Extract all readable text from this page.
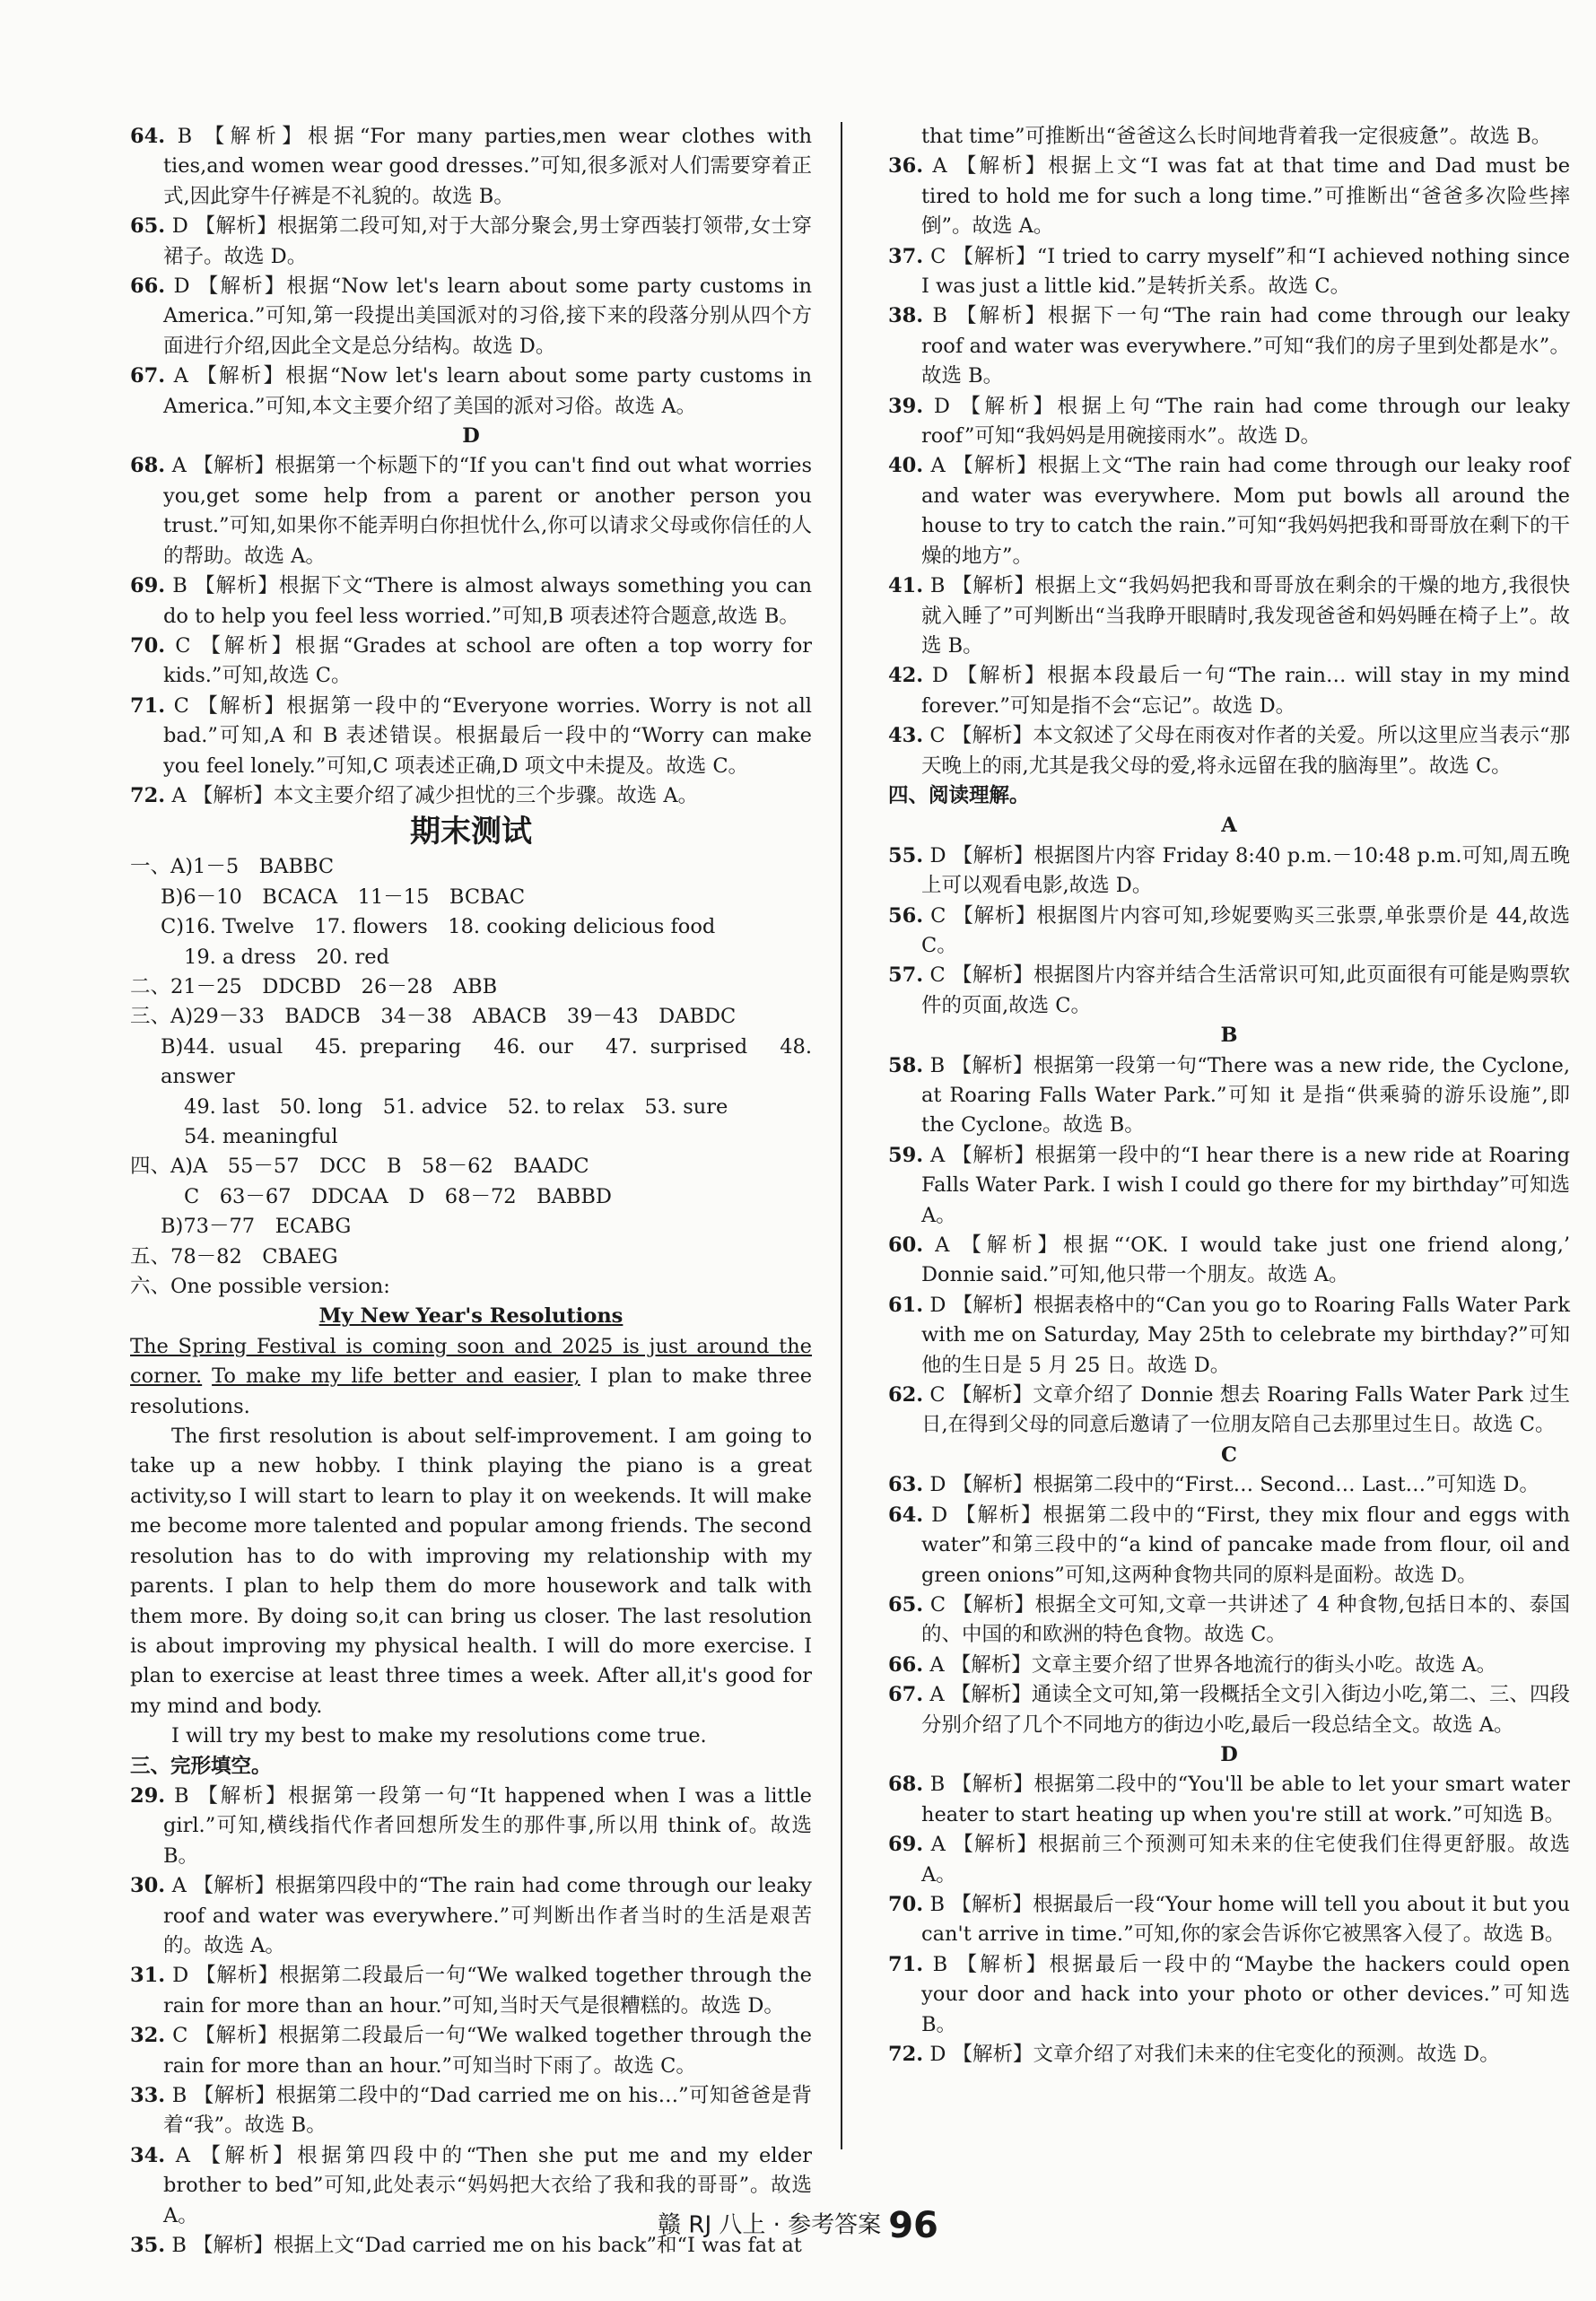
64. B 【解析】根据“For many parties,men wear clothes with ties,and women wear good dresses.”可知,很多派对人们需要穿着正式,因此穿牛仔裤是不礼貌的。故选 B。

65. D 【解析】根据第二段可知,对于大部分聚会,男士穿西装打领带,女士穿裙子。故选 D。

66. D 【解析】根据“Now let's learn about some party customs in America.”可知,第一段提出美国派对的习俗,接下来的段落分别从四个方面进行介绍,因此全文是总分结构。故选 D。

67. A 【解析】根据“Now let's learn about some party customs in America.”可知,本文主要介绍了美国的派对习俗。故选 A。

D

68. A 【解析】根据第一个标题下的“If you can't find out what worries you,get some help from a parent or another person you trust.”可知,如果你不能弄明白你担忧什么,你可以请求父母或你信任的人的帮助。故选 A。

69. B 【解析】根据下文“There is almost always something you can do to help you feel less worried.”可知,B 项表述符合题意,故选 B。

70. C 【解析】根据“Grades at school are often a top worry for kids.”可知,故选 C。

71. C 【解析】根据第一段中的“Everyone worries. Worry is not all bad.”可知,A 和 B 表述错误。根据最后一段中的“Worry can make you feel lonely.”可知,C 项表述正确,D 项文中未提及。故选 C。

72. A 【解析】本文主要介绍了减少担忧的三个步骤。故选 A。

期末测试

一、A)1－5　BABBC

B)6－10　BCACA　11－15　BCBAC

C)16. Twelve　17. flowers　18. cooking delicious food

19. a dress　20. red

二、21－25　DDCBD　26－28　ABB

三、A)29－33　BADCB　34－38　ABACB　39－43　DABDC

B)44. usual　45. preparing　46. our　47. surprised　48. answer

49. last　50. long　51. advice　52. to relax　53. sure

54. meaningful

四、A)A　55－57　DCC　B　58－62　BAADC

C　63－67　DDCAA　D　68－72　BABBD

B)73－77　ECABG

五、78－82　CBAEG

六、One possible version:

My New Year's Resolutions

The Spring Festival is coming soon and 2025 is just around the corner. To make my life better and easier, I plan to make three resolutions.

The first resolution is about self-improvement. I am going to take up a new hobby. I think playing the piano is a great activity,so I will start to learn to play it on weekends. It will make me become more talented and popular among friends. The second resolution has to do with improving my relationship with my parents. I plan to help them do more housework and talk with them more. By doing so,it can bring us closer. The last resolution is about improving my physical health. I will do more exercise. I plan to exercise at least three times a week. After all,it's good for my mind and body.

I will try my best to make my resolutions come true.

三、完形填空。

29. B 【解析】根据第一段第一句“It happened when I was a little girl.”可知,横线指代作者回想所发生的那件事,所以用 think of。故选 B。

30. A 【解析】根据第四段中的“The rain had come through our leaky roof and water was everywhere.”可判断出作者当时的生活是艰苦的。故选 A。

31. D 【解析】根据第二段最后一句“We walked together through the rain for more than an hour.”可知,当时天气是很糟糕的。故选 D。

32. C 【解析】根据第二段最后一句“We walked together through the rain for more than an hour.”可知当时下雨了。故选 C。

33. B 【解析】根据第二段中的“Dad carried me on his…”可知爸爸是背着“我”。故选 B。

34. A 【解析】根据第四段中的“Then she put me and my elder brother to bed”可知,此处表示“妈妈把大衣给了我和我的哥哥”。故选 A。

35. B 【解析】根据上文“Dad carried me on his back”和“I was fat at

that time”可推断出“爸爸这么长时间地背着我一定很疲惫”。故选 B。

36. A 【解析】根据上文“I was fat at that time and Dad must be tired to hold me for such a long time.”可推断出“爸爸多次险些摔倒”。故选 A。

37. C 【解析】“I tried to carry myself”和“I achieved nothing since I was just a little kid.”是转折关系。故选 C。

38. B 【解析】根据下一句“The rain had come through our leaky roof and water was everywhere.”可知“我们的房子里到处都是水”。故选 B。

39. D 【解析】根据上句“The rain had come through our leaky roof”可知“我妈妈是用碗接雨水”。故选 D。

40. A 【解析】根据上文“The rain had come through our leaky roof and water was everywhere. Mom put bowls all around the house to try to catch the rain.”可知“我妈妈把我和哥哥放在剩下的干燥的地方”。

41. B 【解析】根据上文“我妈妈把我和哥哥放在剩余的干燥的地方,我很快就入睡了”可判断出“当我睁开眼睛时,我发现爸爸和妈妈睡在椅子上”。故选 B。

42. D 【解析】根据本段最后一句“The rain… will stay in my mind forever.”可知是指不会“忘记”。故选 D。

43. C 【解析】本文叙述了父母在雨夜对作者的关爱。所以这里应当表示“那天晚上的雨,尤其是我父母的爱,将永远留在我的脑海里”。故选 C。

四、阅读理解。

A

55. D 【解析】根据图片内容 Friday 8:40 p.m.－10:48 p.m.可知,周五晚上可以观看电影,故选 D。

56. C 【解析】根据图片内容可知,珍妮要购买三张票,单张票价是 44,故选 C。

57. C 【解析】根据图片内容并结合生活常识可知,此页面很有可能是购票软件的页面,故选 C。

B

58. B 【解析】根据第一段第一句“There was a new ride, the Cyclone, at Roaring Falls Water Park.”可知 it 是指“供乘骑的游乐设施”,即 the Cyclone。故选 B。

59. A 【解析】根据第一段中的“I hear there is a new ride at Roaring Falls Water Park. I wish I could go there for my birthday”可知选 A。

60. A 【解析】根据“‘OK. I would take just one friend along,’ Donnie said.”可知,他只带一个朋友。故选 A。

61. D 【解析】根据表格中的“Can you go to Roaring Falls Water Park with me on Saturday, May 25th to celebrate my birthday?”可知他的生日是 5 月 25 日。故选 D。

62. C 【解析】文章介绍了 Donnie 想去 Roaring Falls Water Park 过生日,在得到父母的同意后邀请了一位朋友陪自己去那里过生日。故选 C。

C

63. D 【解析】根据第二段中的“First… Second… Last…”可知选 D。

64. D 【解析】根据第二段中的“First, they mix flour and eggs with water”和第三段中的“a kind of pancake made from flour, oil and green onions”可知,这两种食物共同的原料是面粉。故选 D。

65. C 【解析】根据全文可知,文章一共讲述了 4 种食物,包括日本的、泰国的、中国的和欧洲的特色食物。故选 C。

66. A 【解析】文章主要介绍了世界各地流行的街头小吃。故选 A。

67. A 【解析】通读全文可知,第一段概括全文引入街边小吃,第二、三、四段分别介绍了几个不同地方的街边小吃,最后一段总结全文。故选 A。

D

68. B 【解析】根据第二段中的“You'll be able to let your smart water heater to start heating up when you're still at work.”可知选 B。

69. A 【解析】根据前三个预测可知未来的住宅使我们住得更舒服。故选 A。

70. B 【解析】根据最后一段“Your home will tell you about it but you can't arrive in time.”可知,你的家会告诉你它被黑客入侵了。故选 B。

71. B 【解析】根据最后一段中的“Maybe the hackers could open your door and hack into your photo or other devices.”可知选 B。

72. D 【解析】文章介绍了对我们未来的住宅变化的预测。故选 D。

赣 RJ 八上 · 参考答案 96
